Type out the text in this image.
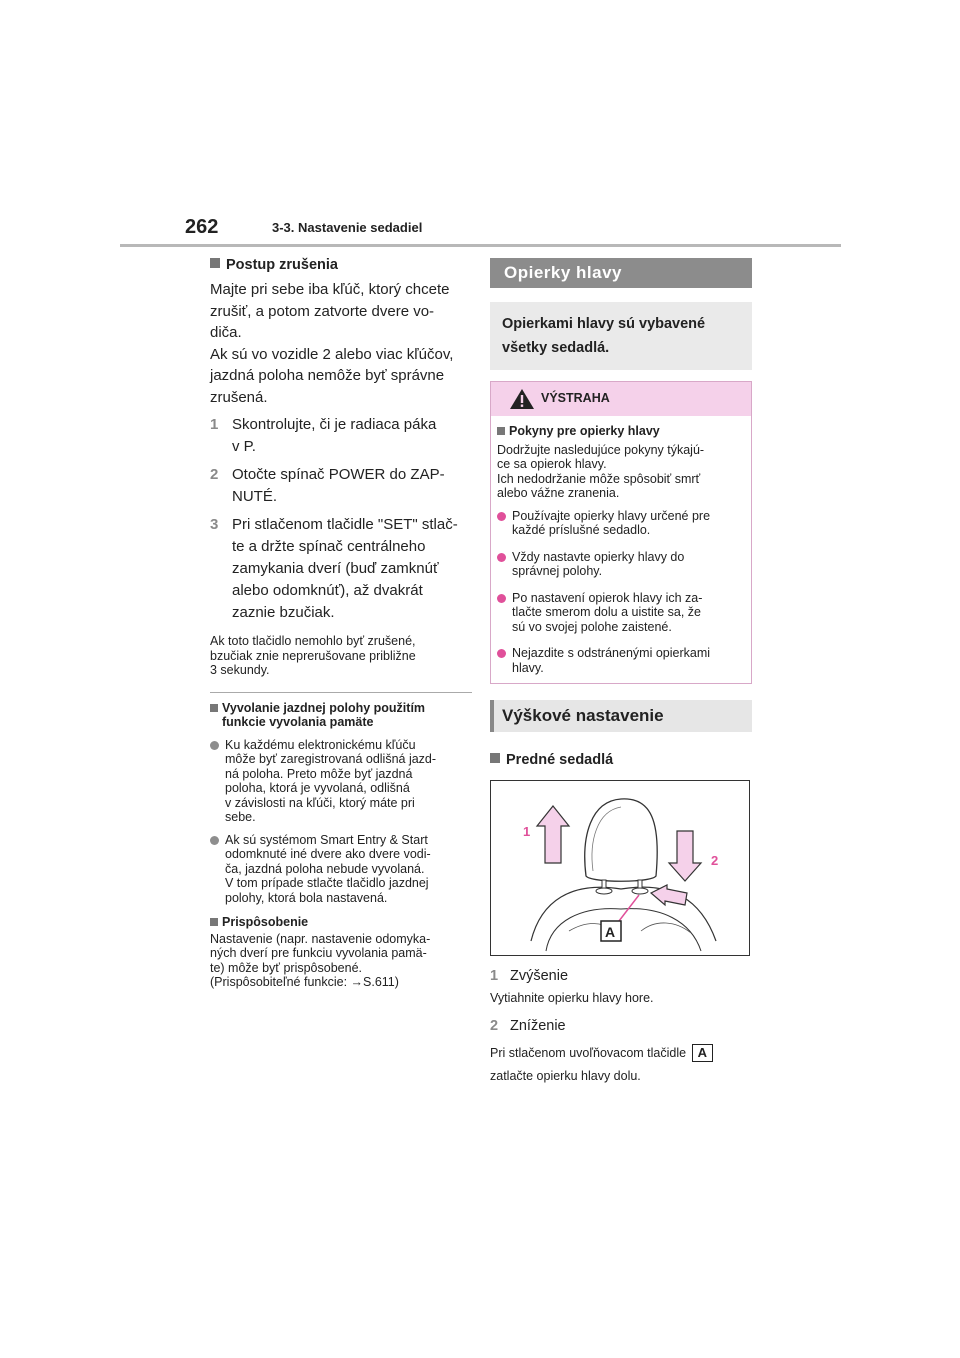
262	3-3. Nastavenie sedadiel
Postup zrušenia

Majte pri sebe iba kľúč, ktorý chcete

zrušiť, a potom zatvorte dvere vo-

diča.

Ak sú vo vozidle 2 alebo viac kľúčov,

jazdná poloha nemôže byť správne

zrušená.

1 Skontrolujte, či je radiaca páka
v P.
2 Otočte spínač POWER do ZAP-
NUTÉ.
3 Pri stlačenom tlačidle "SET" stlač-
te a držte spínač centrálneho
zamykania dverí (buď zamknúť
alebo odomknúť), až dvakrát
zaznie bzučiak.
Ak toto tlačidlo nemohlo byť zrušené,
bzučiak znie neprerušovane približne
3 sekundy.
Vyvolanie jazdnej polohy použitím
funkcie vyvolania pamäte
Ku každému elektronickému kľúču
môže byť zaregistrovaná odlišná jazd-
ná poloha. Preto môže byť jazdná
poloha, ktorá je vyvolaná, odlišná
v závislosti na kľúči, ktorý máte pri
sebe.
Ak sú systémom Smart Entry & Start
odomknuté iné dvere ako dvere vodi-
ča, jazdná poloha nebude vyvolaná.
V tom prípade stlačte tlačidlo jazdnej
polohy, ktorá bola nastavená.
Prispôsobenie

Nastavenie (napr. nastavenie odomyka-

ných dverí pre funkciu vyvolania pamä-

te) môže byť prispôsobené.

(Prispôsobiteľné funkcie: →S.611)

Opierky hlavy
Opierkami hlavy sú vybavené
všetky sedadlá.
VÝSTRAHA
Pokyny pre opierky hlavy
Dodržujte nasledujúce pokyny týkajú-
ce sa opierok hlavy.
Ich nedodržanie môže spôsobiť smrť
alebo vážne zranenia.
Používajte opierky hlavy určené pre
každé príslušné sedadlo.
Vždy nastavte opierky hlavy do
správnej polohy.
Po nastavení opierok hlavy ich za-
tlačte smerom dolu a uistite sa, že
sú vo svojej polohe zaistené.
Nejazdite s odstránenými opierkami
hlavy.
Výškové nastavenie
Predné sedadlá
1
2
A
1 Zvýšenie

Vytiahnite opierku hlavy hore.

2 Zníženie

Pri stlačenom uvoľňovacom tlačidle A

zatlačte opierku hlavy dolu.
